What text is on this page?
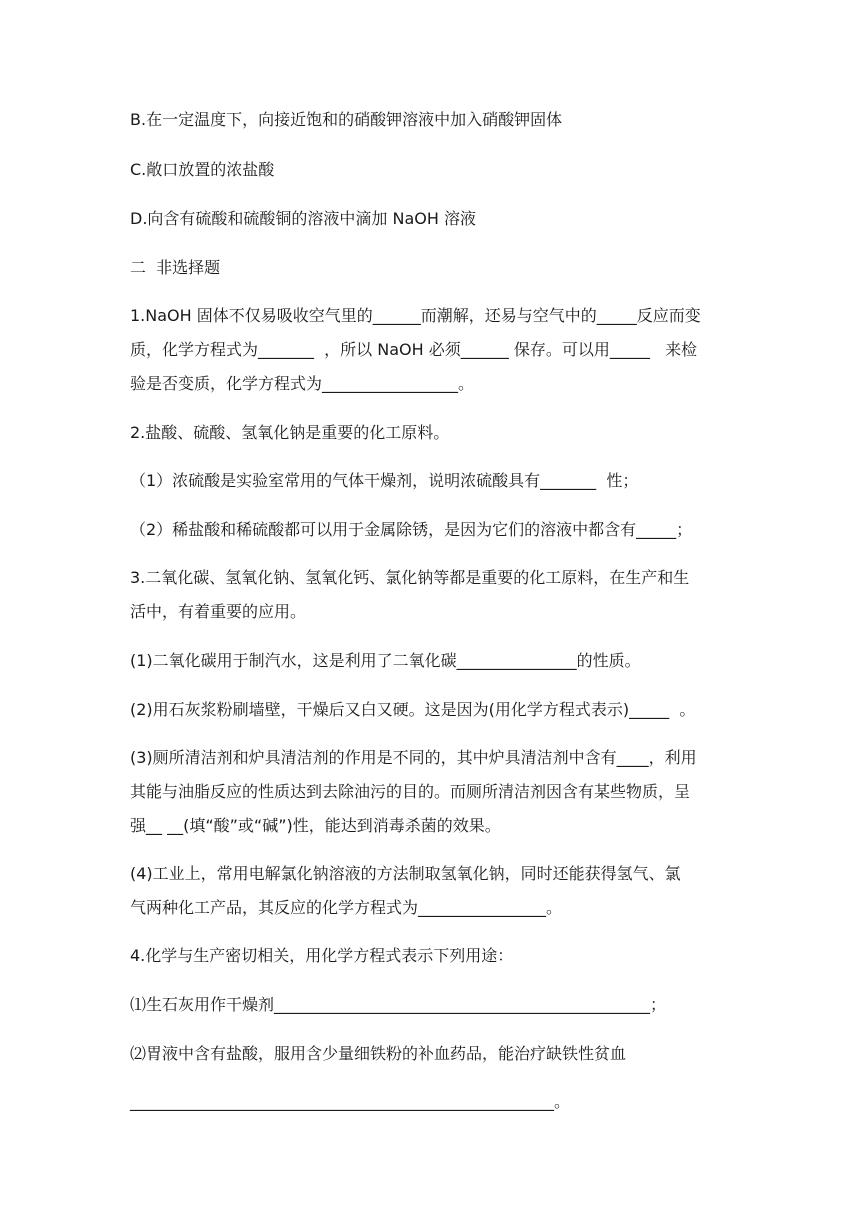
B.在一定温度下，向接近饱和的硝酸钾溶液中加入硝酸钾固体
C.敞口放置的浓盐酸
D.向含有硫酸和硫酸铜的溶液中滴加 NaOH 溶液
二  非选择题
1.NaOH 固体不仅易吸收空气里的______而潮解，还易与空气中的_____反应而变
质，化学方程式为_______  ，所以 NaOH 必须______ 保存。可以用_____   来检
验是否变质，化学方程式为_________________。
2.盐酸、硫酸、氢氧化钠是重要的化工原料。
（1）浓硫酸是实验室常用的气体干燥剂，说明浓硫酸具有_______  性；
（2）稀盐酸和稀硫酸都可以用于金属除锈，是因为它们的溶液中都含有_____；
3.二氧化碳、氢氧化钠、氢氧化钙、氯化钠等都是重要的化工原料，在生产和生
活中，有着重要的应用。
(1)二氧化碳用于制汽水，这是利用了二氧化碳_______________的性质。
(2)用石灰浆粉刷墙壁，干燥后又白又硬。这是因为(用化学方程式表示)_____  。
(3)厕所清洁剂和炉具清洁剂的作用是不同的，其中炉具清洁剂中含有____，利用
其能与油脂反应的性质达到去除油污的目的。而厕所清洁剂因含有某些物质，呈
强__ __(填“酸”或“碱”)性，能达到消毒杀菌的效果。
(4)工业上，常用电解氯化钠溶液的方法制取氢氧化钠，同时还能获得氢气、氯
气两种化工产品，其反应的化学方程式为________________。
4.化学与生产密切相关，用化学方程式表示下列用途：
⑴生石灰用作干燥剂_______________________________________________；
⑵胃液中含有盐酸，服用含少量细铁粉的补血药品，能治疗缺铁性贫血
_____________________________________________________。
